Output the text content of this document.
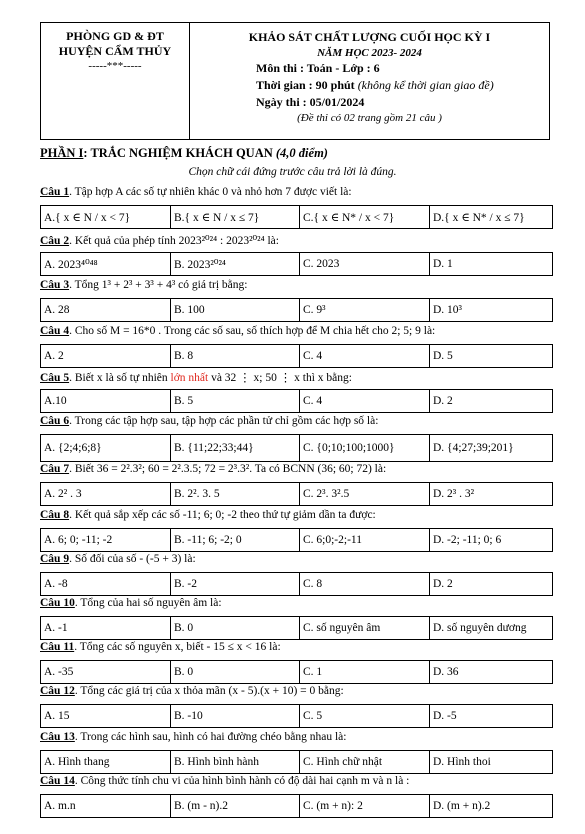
PHÒNG GD & ĐT
HUYỆN CẨM THỦY
-----***-----
KHẢO SÁT CHẤT LƯỢNG CUỐI HỌC KỲ I
NĂM HỌC 2023- 2024
Môn thi : Toán - Lớp : 6
Thời gian : 90 phút (không kể thời gian giao đề)
Ngày thi : 05/01/2024
(Đề thi có 02 trang gồm 21 câu )
PHẦN I: TRẮC NGHIỆM KHÁCH QUAN (4,0 điểm)
Chọn chữ cái đứng trước câu trả lời là đúng.
Câu 1. Tập hợp A các số tự nhiên khác 0 và nhỏ hơn 7 được viết là:
A.{ x ∈ N / x < 7}	B.{ x ∈ N / x ≤ 7}	C.{ x ∈ N* / x < 7}	D.{ x ∈ N* / x ≤ 7}
Câu 2. Kết quả của phép tính 2023²⁰²⁴ : 2023²⁰²⁴ là:
A. 2023⁴⁰⁴⁸	B. 2023²⁰²⁴	C. 2023	D. 1
Câu 3. Tổng 1³ + 2³ + 3³ + 4³ có giá trị bằng:
A. 28	B. 100	C. 9³	D. 10³
Câu 4. Cho số M = 16*0 . Trong các số sau, số thích hợp để M chia hết cho 2; 5; 9 là:
A. 2	B. 8	C. 4	D. 5
Câu 5. Biết x là số tự nhiên lớn nhất và 32 ⋮ x; 50 ⋮ x thì x bằng:
A.10	B. 5	C. 4	D. 2
Câu 6. Trong các tập hợp sau, tập hợp các phần tử chỉ gồm các hợp số là:
A. {2;4;6;8}	B. {11;22;33;44}	C. {0;10;100;1000}	D. {4;27;39;201}
Câu 7. Biết 36 = 2².3²; 60 = 2².3.5; 72 = 2³.3². Ta có BCNN (36; 60; 72) là:
A. 2² . 3	B. 2². 3. 5	C. 2³. 3².5	D. 2³ . 3²
Câu 8. Kết quả sắp xếp các số -11; 6; 0; -2 theo thứ tự giảm dần ta được:
A. 6; 0; -11; -2	B. -11; 6; -2; 0	C. 6;0;-2;-11	D. -2; -11; 0; 6
Câu 9. Số đối của số - (-5 + 3) là:
A. -8	B. -2	C. 8	D. 2
Câu 10. Tổng của hai số nguyên âm là:
A. -1	B. 0	C. số nguyên âm	D. số nguyên dương
Câu 11. Tổng các số nguyên x, biết - 15 ≤ x < 16 là:
A. -35	B. 0	C. 1	D. 36
Câu 12. Tổng các giá trị của x thỏa mãn (x - 5).(x + 10) = 0 bằng:
A. 15	B. -10	C. 5	D. -5
Câu 13. Trong các hình sau, hình có hai đường chéo bằng nhau là:
A. Hình thang	B. Hình bình hành	C. Hình chữ nhật	D. Hình thoi
Câu 14. Công thức tính chu vi của hình bình hành có độ dài hai cạnh m và n là :
A. m.n	B. (m - n).2	C. (m + n): 2	D. (m + n).2
